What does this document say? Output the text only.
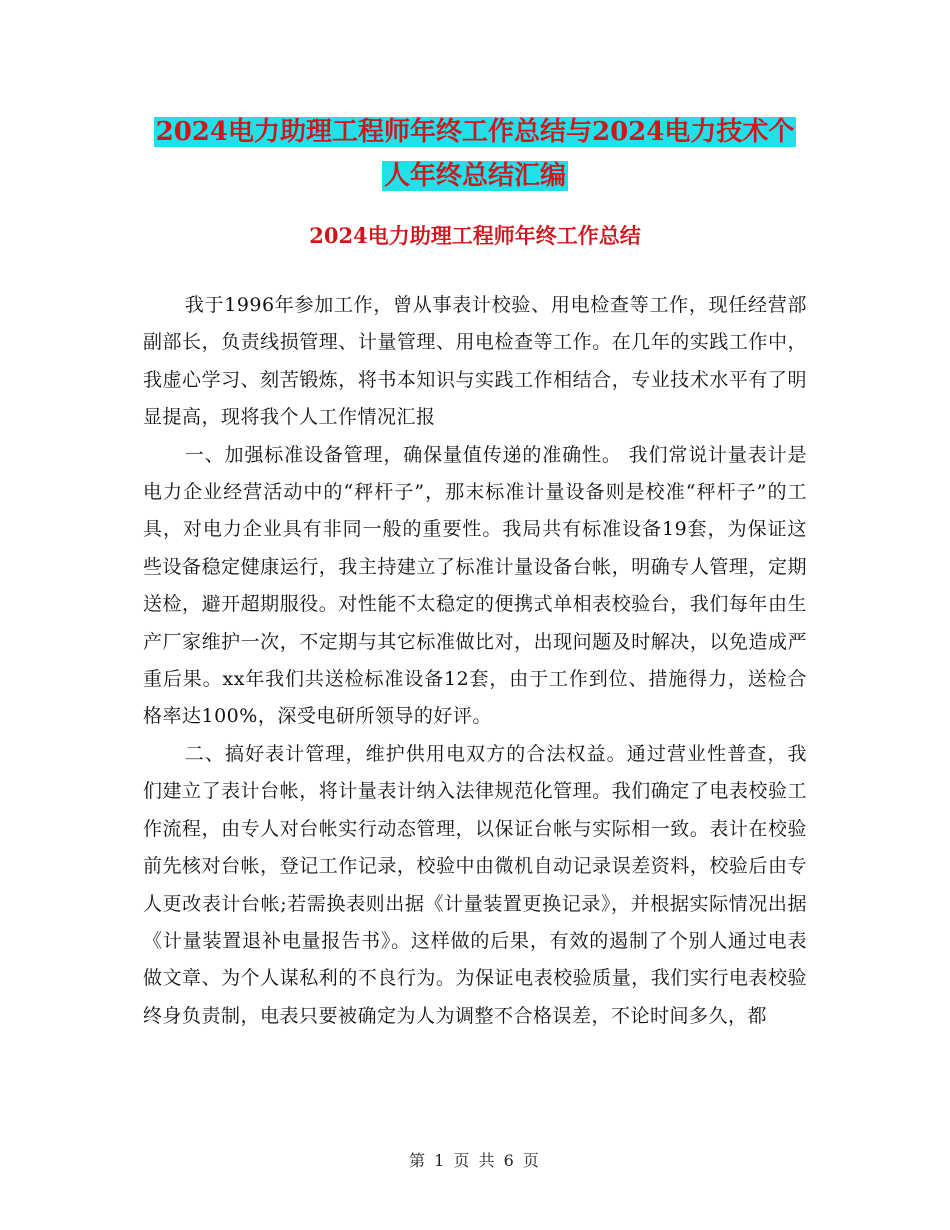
2024电力助理工程师年终工作总结与2024电力技术个
人年终总结汇编
2024电力助理工程师年终工作总结

我于1996年参加工作，曾从事表计校验、用电检查等工作，现任经营部副部长，负责线损管理、计量管理、用电检查等工作。在几年的实践工作中，我虚心学习、刻苦锻炼，将书本知识与实践工作相结合，专业技术水平有了明显提高，现将我个人工作情况汇报

一、加强标准设备管理，确保量值传递的准确性。 我们常说计量表计是电力企业经营活动中的“秤杆子”，那末标准计量设备则是校准“秤杆子”的工具，对电力企业具有非同一般的重要性。我局共有标准设备19套，为保证这些设备稳定健康运行，我主持建立了标准计量设备台帐，明确专人管理，定期送检，避开超期服役。对性能不太稳定的便携式单相表校验台，我们每年由生产厂家维护一次，不定期与其它标准做比对，出现问题及时解决，以免造成严重后果。xx年我们共送检标准设备12套，由于工作到位、措施得力，送检合格率达100%，深受电研所领导的好评。

二、搞好表计管理，维护供用电双方的合法权益。通过营业性普查，我们建立了表计台帐，将计量表计纳入法律规范化管理。我们确定了电表校验工作流程，由专人对台帐实行动态管理，以保证台帐与实际相一致。表计在校验前先核对台帐，登记工作记录，校验中由微机自动记录误差资料，校验后由专人更改表计台帐;若需换表则出据《计量装置更换记录》，并根据实际情况出据《计量装置退补电量报告书》。这样做的后果，有效的遏制了个别人通过电表做文章、为个人谋私利的不良行为。为保证电表校验质量，我们实行电表校验终身负责制，电表只要被确定为人为调整不合格误差，不论时间多久，都

第 1 页 共 6 页
